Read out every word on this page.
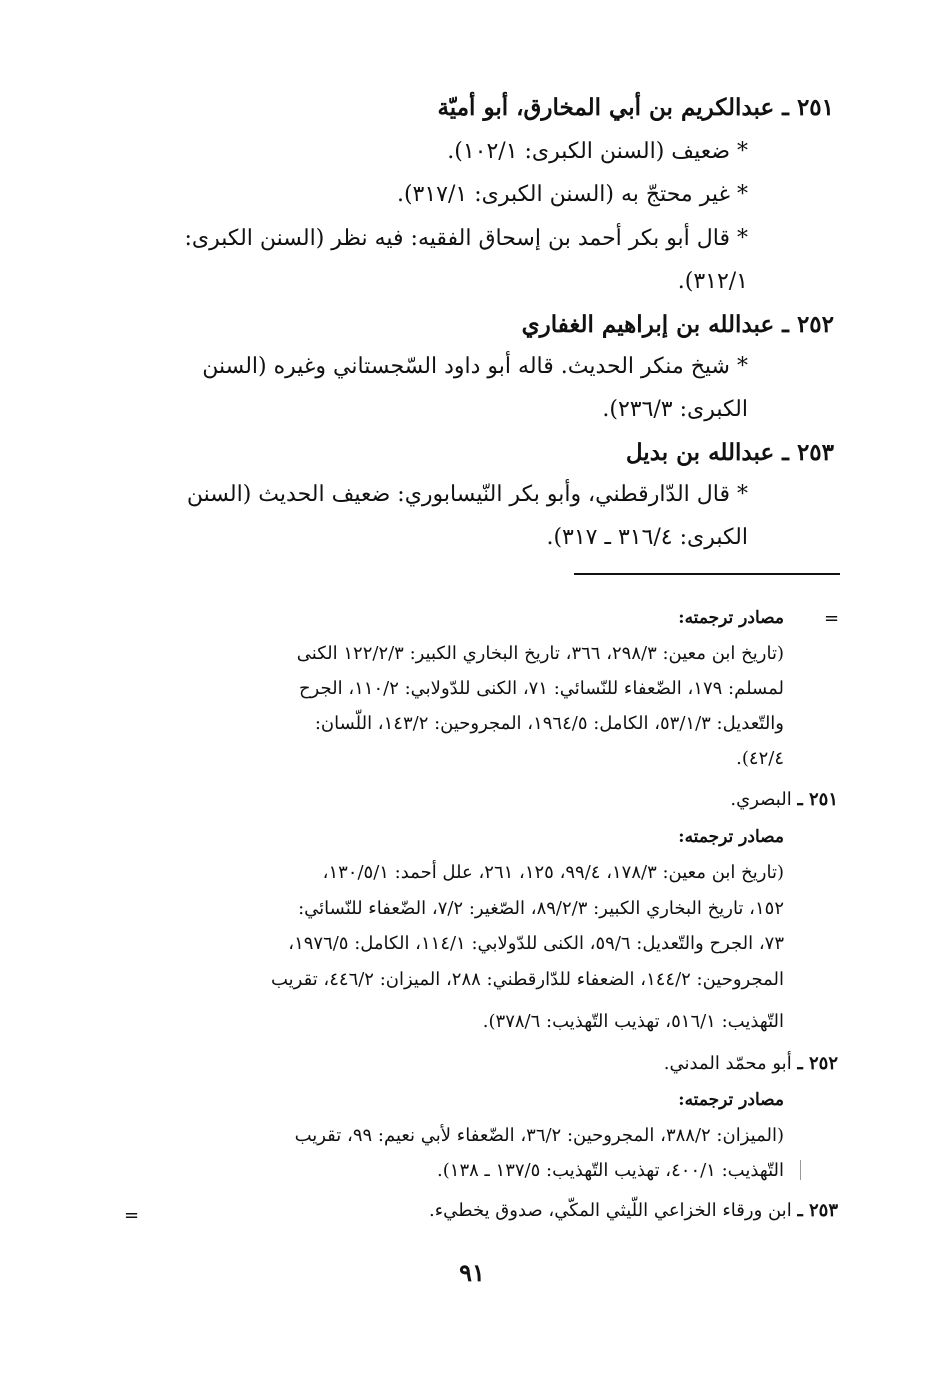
٢٥١ ـ عبدالكريم بن أبي المخارق، أبو أميّة
* ضعيف (السنن الكبرى: ١٠٢/١).
* غير محتجّ به (السنن الكبرى: ٣١٧/١).
* قال أبو بكر أحمد بن إسحاق الفقيه: فيه نظر (السنن الكبرى:
٣١٢/١).
٢٥٢ ـ عبدالله بن إبراهيم الغفاري
* شيخ منكر الحديث. قاله أبو داود السّجستاني وغيره (السنن
الكبرى: ٢٣٦/٣).
٢٥٣ ـ عبدالله بن بديل
* قال الدّارقطني، وأبو بكر النّيسابوري: ضعيف الحديث (السنن
الكبرى: ٣١٦/٤ ـ ٣١٧).
=
مصادر ترجمته:
(تاريخ ابن معين: ٢٩٨/٣، ٣٦٦، تاريخ البخاري الكبير: ١٢٢/٢/٣ الكنى
لمسلم: ١٧٩، الضّعفاء للنّسائي: ٧١، الكنى للدّولابي: ١١٠/٢، الجرح
والتّعديل: ٥٣/١/٣، الكامل: ١٩٦٤/٥، المجروحين: ١٤٣/٢، اللّسان:
٤٢/٤).
٢٥١ ـ البصري.
مصادر ترجمته:
(تاريخ ابن معين: ١٧٨/٣، ٩٩/٤، ١٢٥، ٢٦١، علل أحمد: ١٣٠/٥/١،
١٥٢، تاريخ البخاري الكبير: ٨٩/٢/٣، الصّغير: ٧/٢، الضّعفاء للنّسائي:
٧٣، الجرح والتّعديل: ٥٩/٦، الكنى للدّولابي: ١١٤/١، الكامل: ١٩٧٦/٥،
المجروحين: ١٤٤/٢، الضعفاء للدّارقطني: ٢٨٨، الميزان: ٤٤٦/٢، تقريب
التّهذيب: ٥١٦/١، تهذيب التّهذيب: ٣٧٨/٦).
٢٥٢ ـ أبو محمّد المدني.
مصادر ترجمته:
(الميزان: ٣٨٨/٢، المجروحين: ٣٦/٢، الضّعفاء لأبي نعيم: ٩٩، تقريب
التّهذيب: ٤٠٠/١، تهذيب التّهذيب: ١٣٧/٥ ـ ١٣٨).
٢٥٣ ـ ابن ورقاء الخزاعي اللّيثي المكّي، صدوق يخطيء.
=
٩١
